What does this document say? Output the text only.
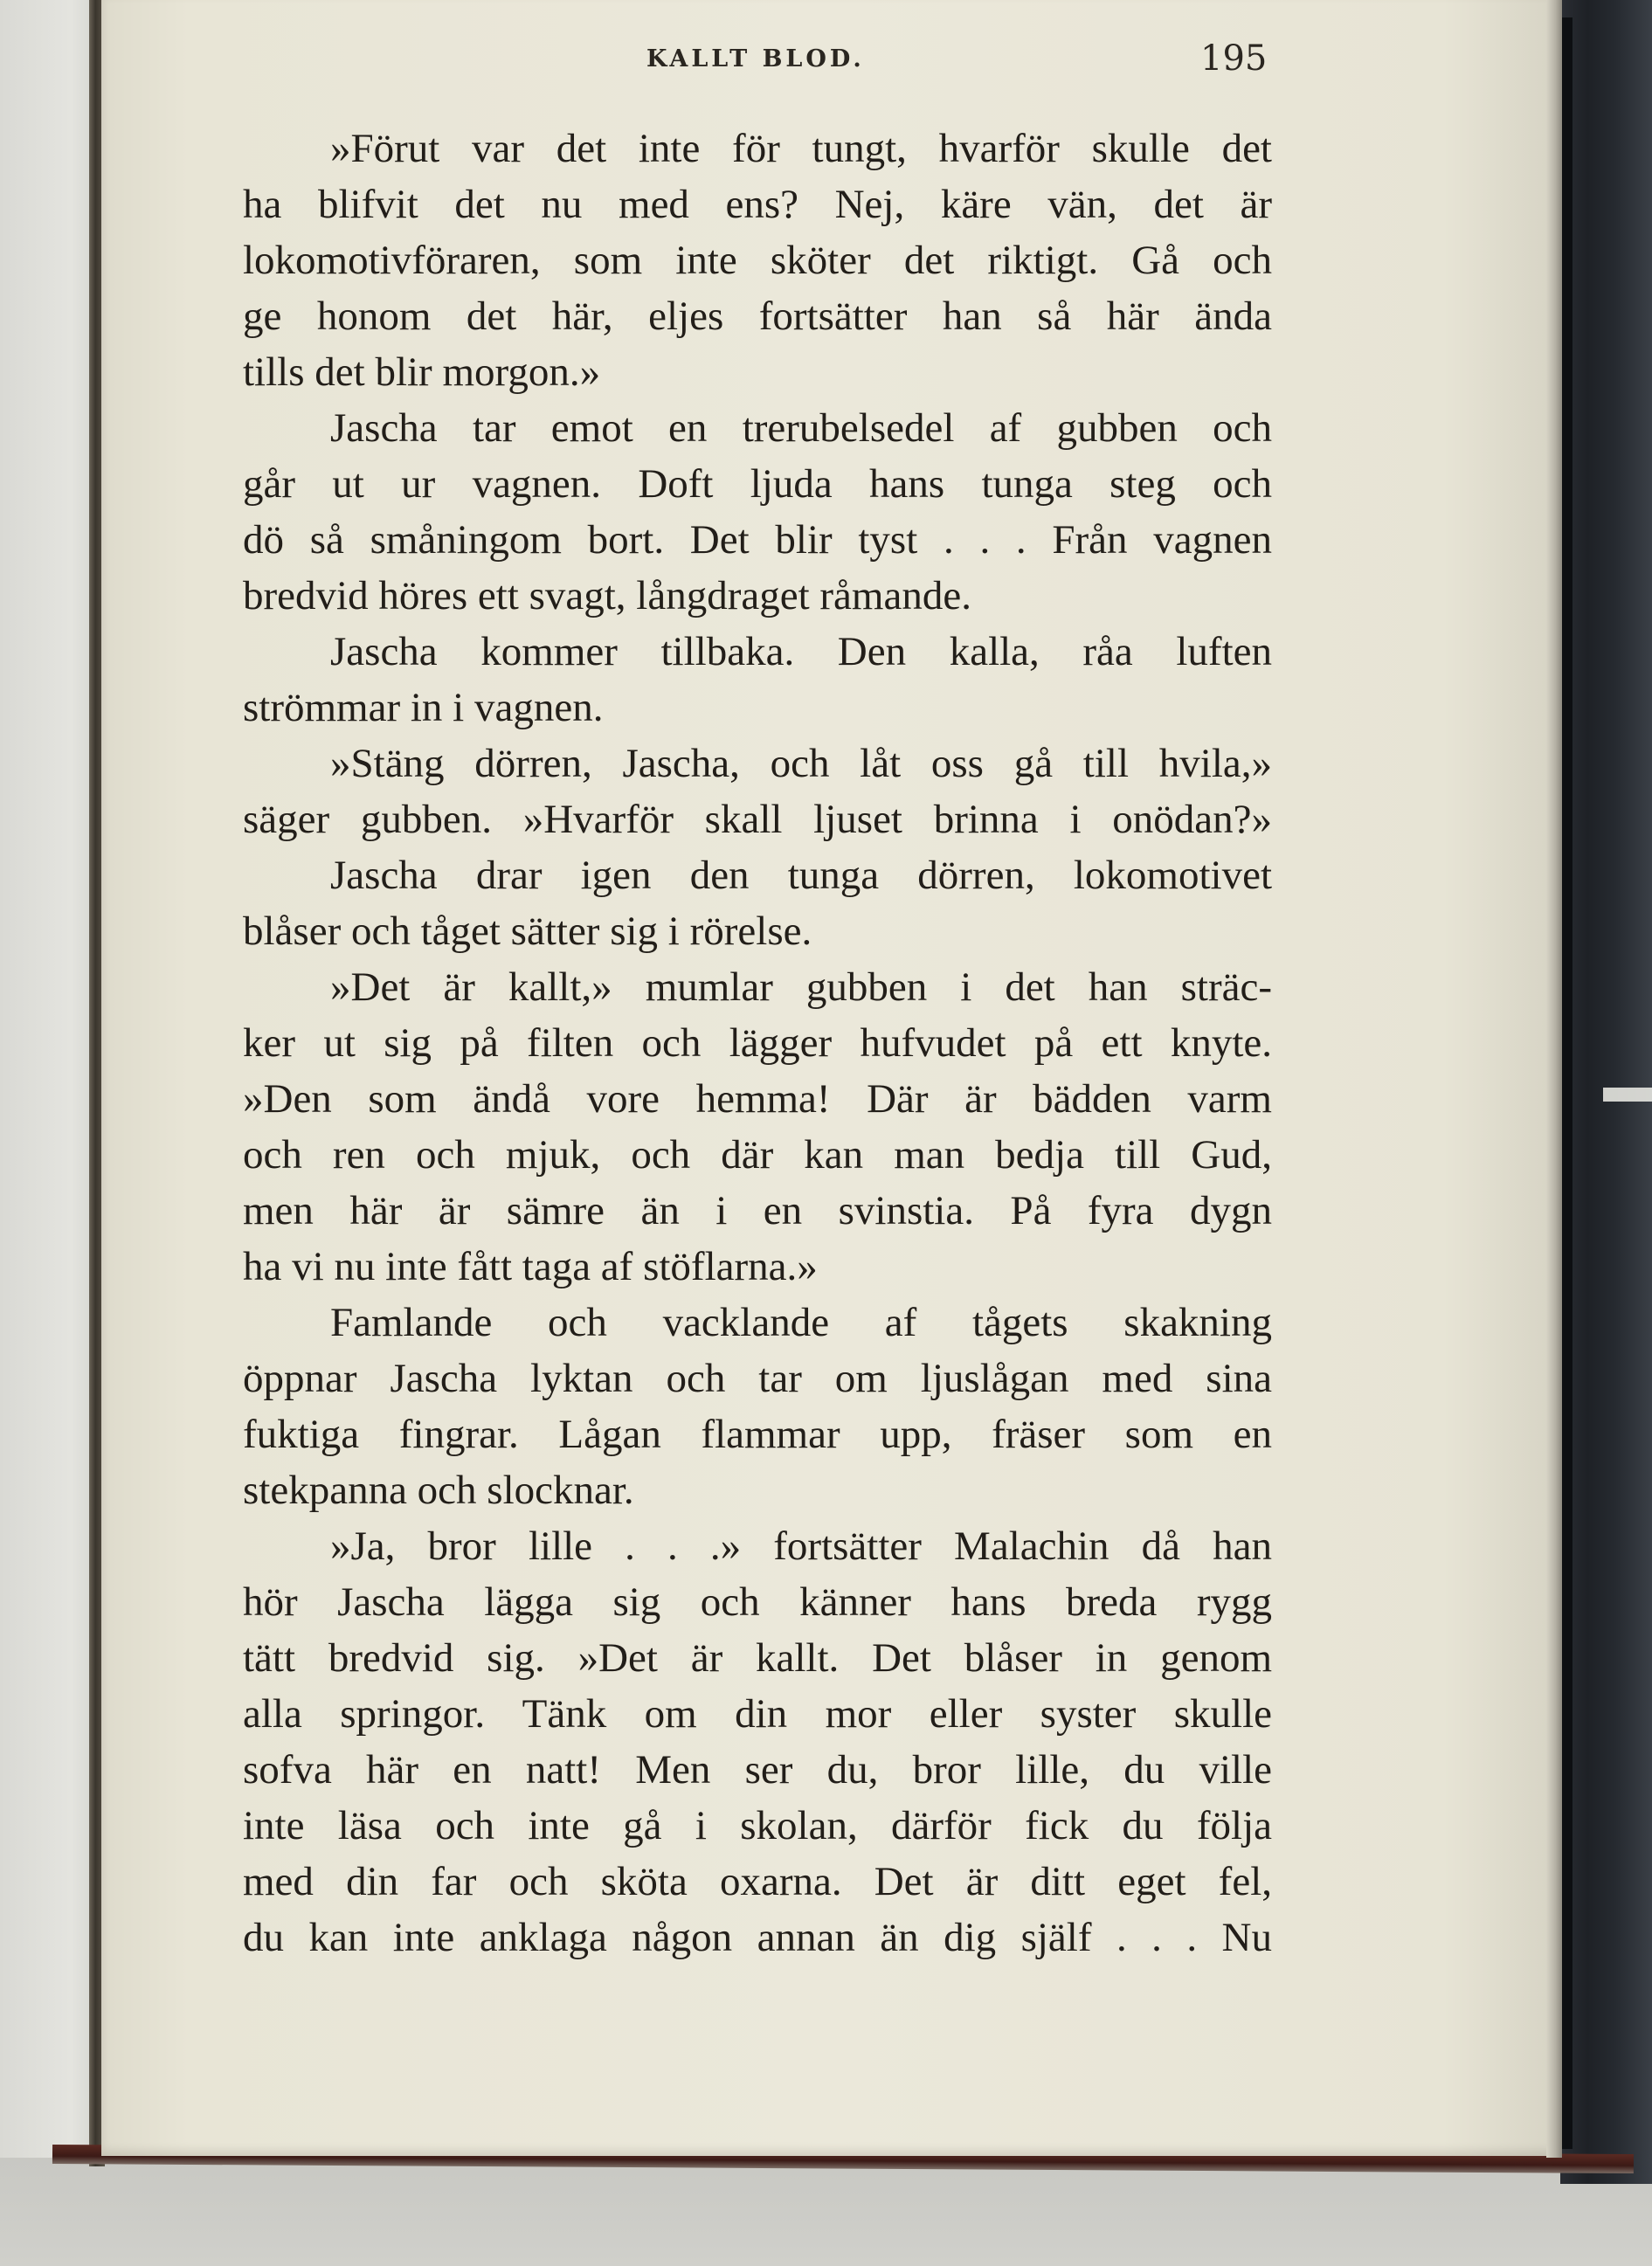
KALLT BLOD.	195
»Förut var det inte för tungt, hvarför skulle det
ha blifvit det nu med ens? Nej, käre vän, det är
lokomotivföraren, som inte sköter det riktigt. Gå och
ge honom det här, eljes fortsätter han så här ända
tills det blir morgon.»
Jascha tar emot en trerubelsedel af gubben och
går ut ur vagnen. Doft ljuda hans tunga steg och
dö så småningom bort. Det blir tyst . . . Från vagnen
bredvid höres ett svagt, långdraget råmande.
Jascha kommer tillbaka. Den kalla, råa luften
strömmar in i vagnen.
»Stäng dörren, Jascha, och låt oss gå till hvila,»
säger gubben. »Hvarför skall ljuset brinna i onödan?»
Jascha drar igen den tunga dörren, lokomotivet
blåser och tåget sätter sig i rörelse.
»Det är kallt,» mumlar gubben i det han sträc-
ker ut sig på filten och lägger hufvudet på ett knyte.
»Den som ändå vore hemma! Där är bädden varm
och ren och mjuk, och där kan man bedja till Gud,
men här är sämre än i en svinstia. På fyra dygn
ha vi nu inte fått taga af stöflarna.»
Famlande och vacklande af tågets skakning
öppnar Jascha lyktan och tar om ljuslågan med sina
fuktiga fingrar. Lågan flammar upp, fräser som en
stekpanna och slocknar.
»Ja, bror lille . . .» fortsätter Malachin då han
hör Jascha lägga sig och känner hans breda rygg
tätt bredvid sig. »Det är kallt. Det blåser in genom
alla springor. Tänk om din mor eller syster skulle
sofva här en natt! Men ser du, bror lille, du ville
inte läsa och inte gå i skolan, därför fick du följa
med din far och sköta oxarna. Det är ditt eget fel,
du kan inte anklaga någon annan än dig själf . . . Nu
